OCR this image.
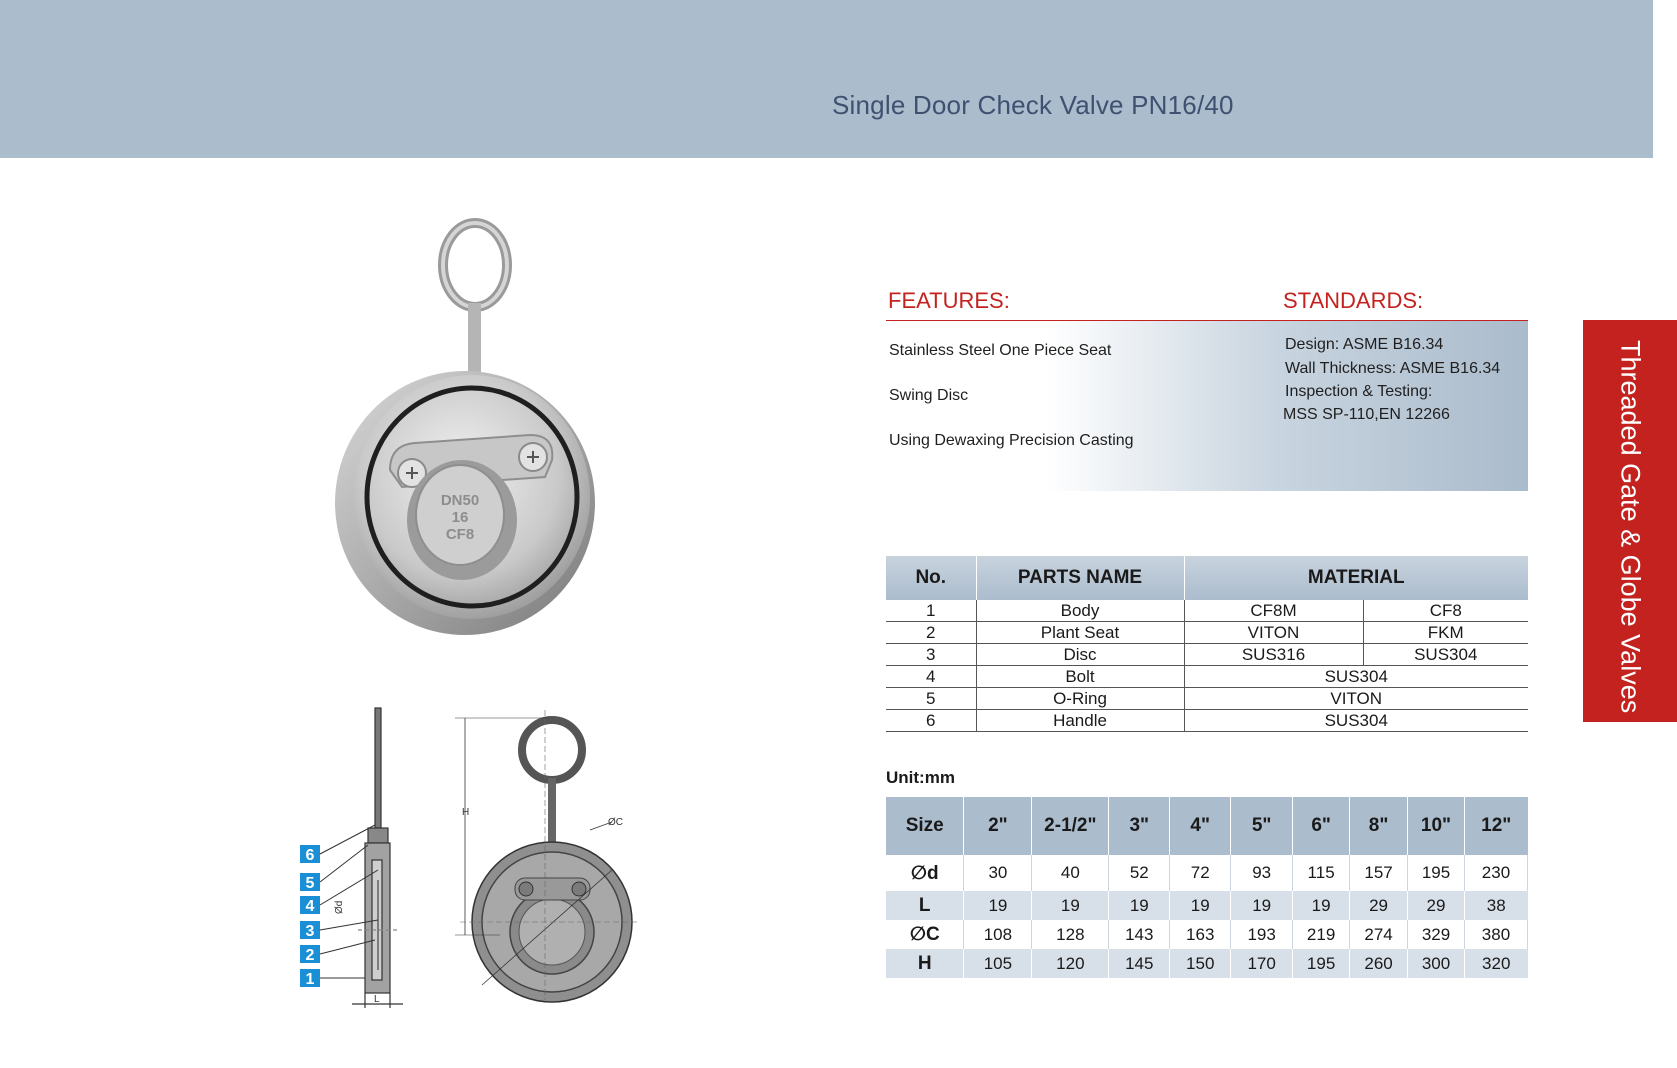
Single Door Check Valve PN16/40
Threaded Gate & Globe Valves
DN50
16
CF8
Ød
L
6
5
4
3
2
1
H
ØC
FEATURES:	STANDARDS:
Stainless Steel One Piece Seat
Swing Disc
Using Dewaxing Precision Casting
Design: ASME B16.34
Wall Thickness: ASME B16.34
Inspection & Testing:
MSS SP-110,EN 12266
No.	PARTS NAME	MATERIAL	
1	Body	CF8M	CF8
2	Plant Seat	VITON	FKM
3	Disc	SUS316	SUS304
4	Bolt	SUS304	
5	O-Ring	VITON	
6	Handle	SUS304	
Unit:mm
Size	2"	2-1/2"	3"	4"	5"	6"	8"	10"	12"
∅d	30	40	52	72	93	115	157	195	230
L	19	19	19	19	19	19	29	29	38
∅C	108	128	143	163	193	219	274	329	380
H	105	120	145	150	170	195	260	300	320
